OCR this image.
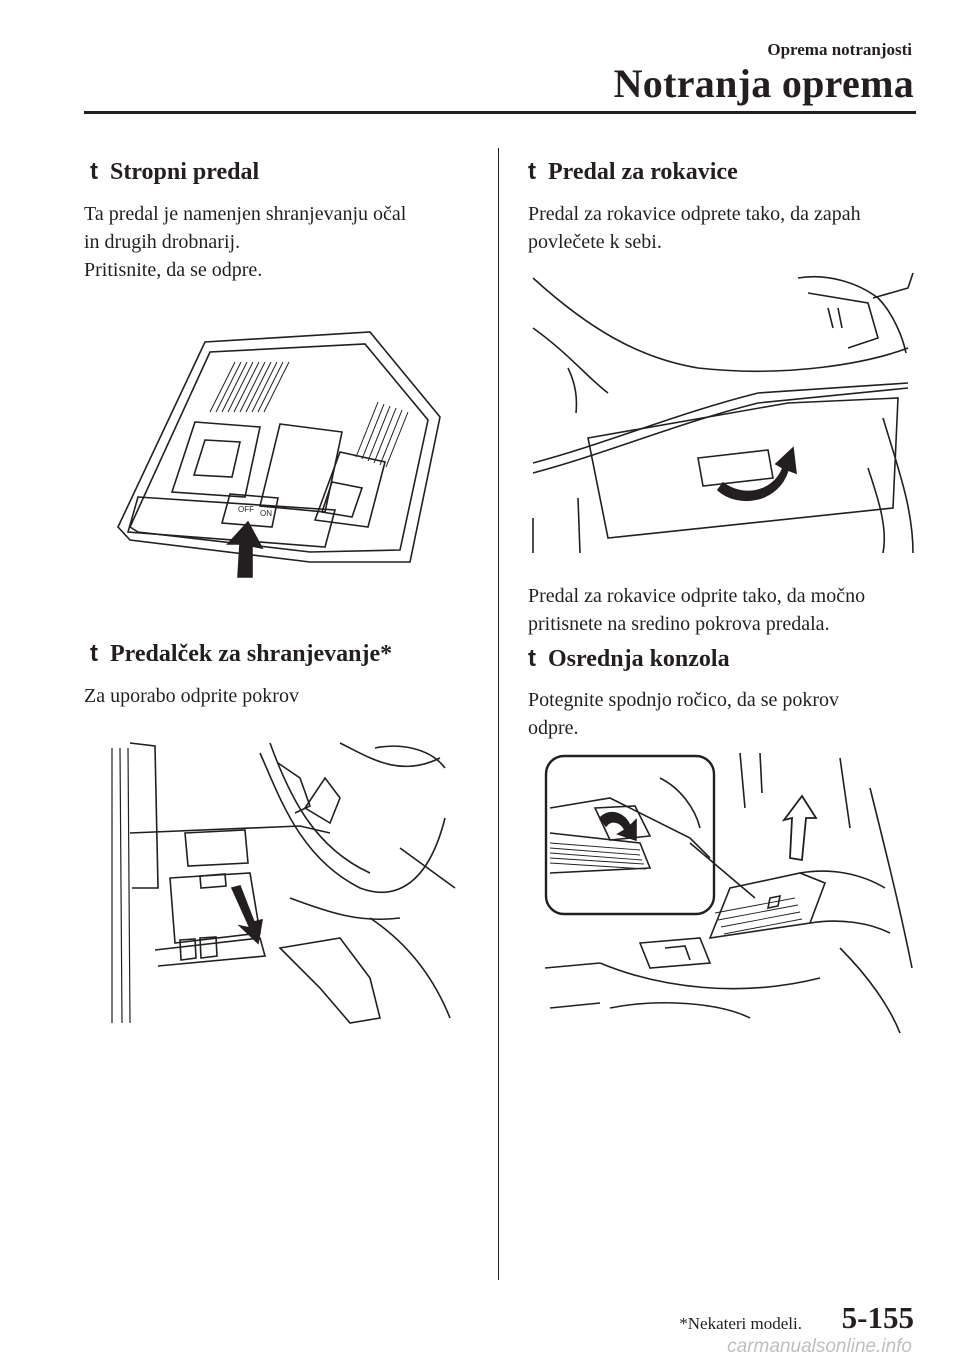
Oprema notranjosti
Notranja oprema
t Stropni predal
Ta predal je namenjen shranjevanju očal
in drugih drobnarij.
Pritisnite, da se odpre.
OFF ON
t Predalček za shranjevanje*
Za uporabo odprite pokrov
t Predal za rokavice
Predal za rokavice odprete tako, da zapah
povlečete k sebi.
Predal za rokavice odprite tako, da močno
pritisnete na sredino pokrova predala.
t Osrednja konzola
Potegnite spodnjo ročico, da se pokrov
odpre.
*Nekateri modeli. 5-155
carmanualsonline.info
